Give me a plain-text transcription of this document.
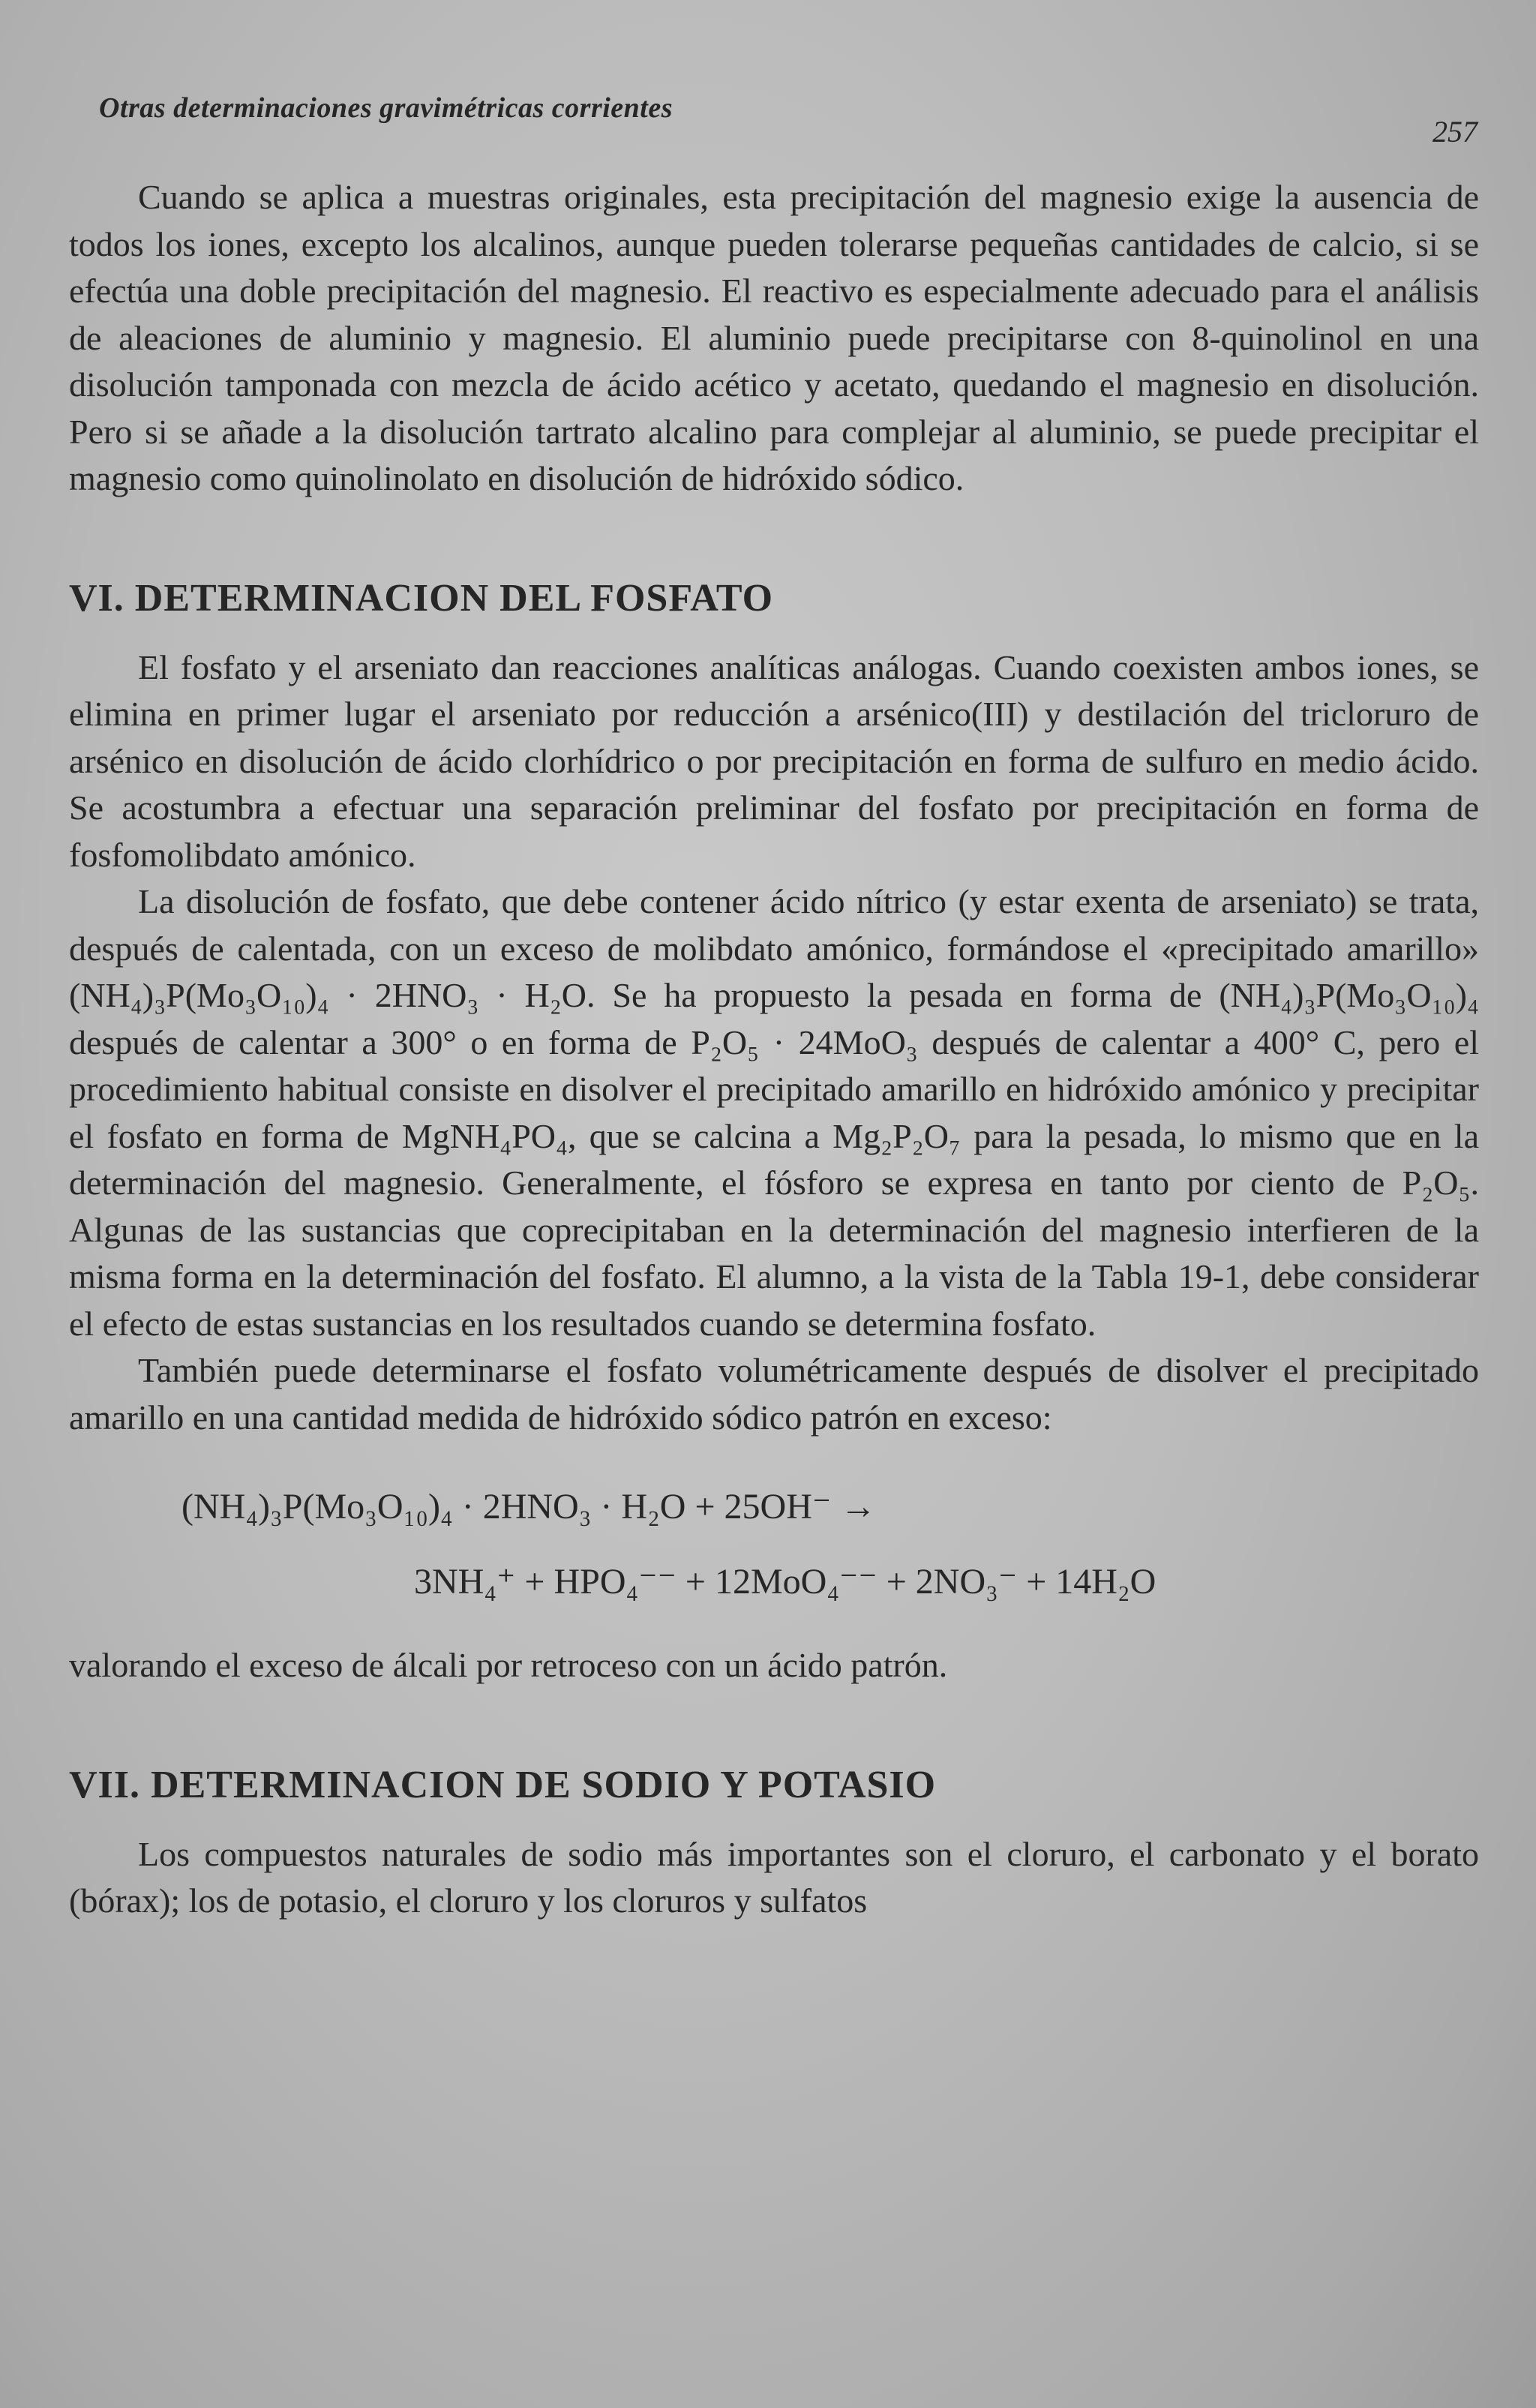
Otras determinaciones gravimétricas corrientes
257

Cuando se aplica a muestras originales, esta precipitación del magnesio exige la ausencia de todos los iones, excepto los alcalinos, aunque pueden tolerarse pequeñas cantidades de calcio, si se efectúa una doble precipitación del magnesio. El reactivo es especialmente adecuado para el análisis de aleaciones de aluminio y magnesio. El aluminio puede precipitarse con 8-quinolinol en una disolución tamponada con mezcla de ácido acético y acetato, quedando el magnesio en disolución. Pero si se añade a la disolución tartrato alcalino para complejar al aluminio, se puede precipitar el magnesio como quinolinolato en disolución de hidróxido sódico.

VI. DETERMINACION DEL FOSFATO

El fosfato y el arseniato dan reacciones analíticas análogas. Cuando coexisten ambos iones, se elimina en primer lugar el arseniato por reducción a arsénico(III) y destilación del tricloruro de arsénico en disolución de ácido clorhídrico o por precipitación en forma de sulfuro en medio ácido. Se acostumbra a efectuar una separación preliminar del fosfato por precipitación en forma de fosfomolibdato amónico.

La disolución de fosfato, que debe contener ácido nítrico (y estar exenta de arseniato) se trata, después de calentada, con un exceso de molibdato amónico, formándose el «precipitado amarillo» (NH₄)₃P(Mo₃O₁₀)₄ · 2HNO₃ · H₂O. Se ha propuesto la pesada en forma de (NH₄)₃P(Mo₃O₁₀)₄ después de calentar a 300° o en forma de P₂O₅ · 24MoO₃ después de calentar a 400° C, pero el procedimiento habitual consiste en disolver el precipitado amarillo en hidróxido amónico y precipitar el fosfato en forma de MgNH₄PO₄, que se calcina a Mg₂P₂O₇ para la pesada, lo mismo que en la determinación del magnesio. Generalmente, el fósforo se expresa en tanto por ciento de P₂O₅. Algunas de las sustancias que coprecipitaban en la determinación del magnesio interfieren de la misma forma en la determinación del fosfato. El alumno, a la vista de la Tabla 19-1, debe considerar el efecto de estas sustancias en los resultados cuando se determina fosfato.

También puede determinarse el fosfato volumétricamente después de disolver el precipitado amarillo en una cantidad medida de hidróxido sódico patrón en exceso:

(NH₄)₃P(Mo₃O₁₀)₄ · 2HNO₃ · H₂O + 25OH⁻ →
3NH₄⁺ + HPO₄⁻⁻ + 12MoO₄⁻⁻ + 2NO₃⁻ + 14H₂O

valorando el exceso de álcali por retroceso con un ácido patrón.

VII. DETERMINACION DE SODIO Y POTASIO

Los compuestos naturales de sodio más importantes son el cloruro, el carbonato y el borato (bórax); los de potasio, el cloruro y los cloruros y sulfatos
